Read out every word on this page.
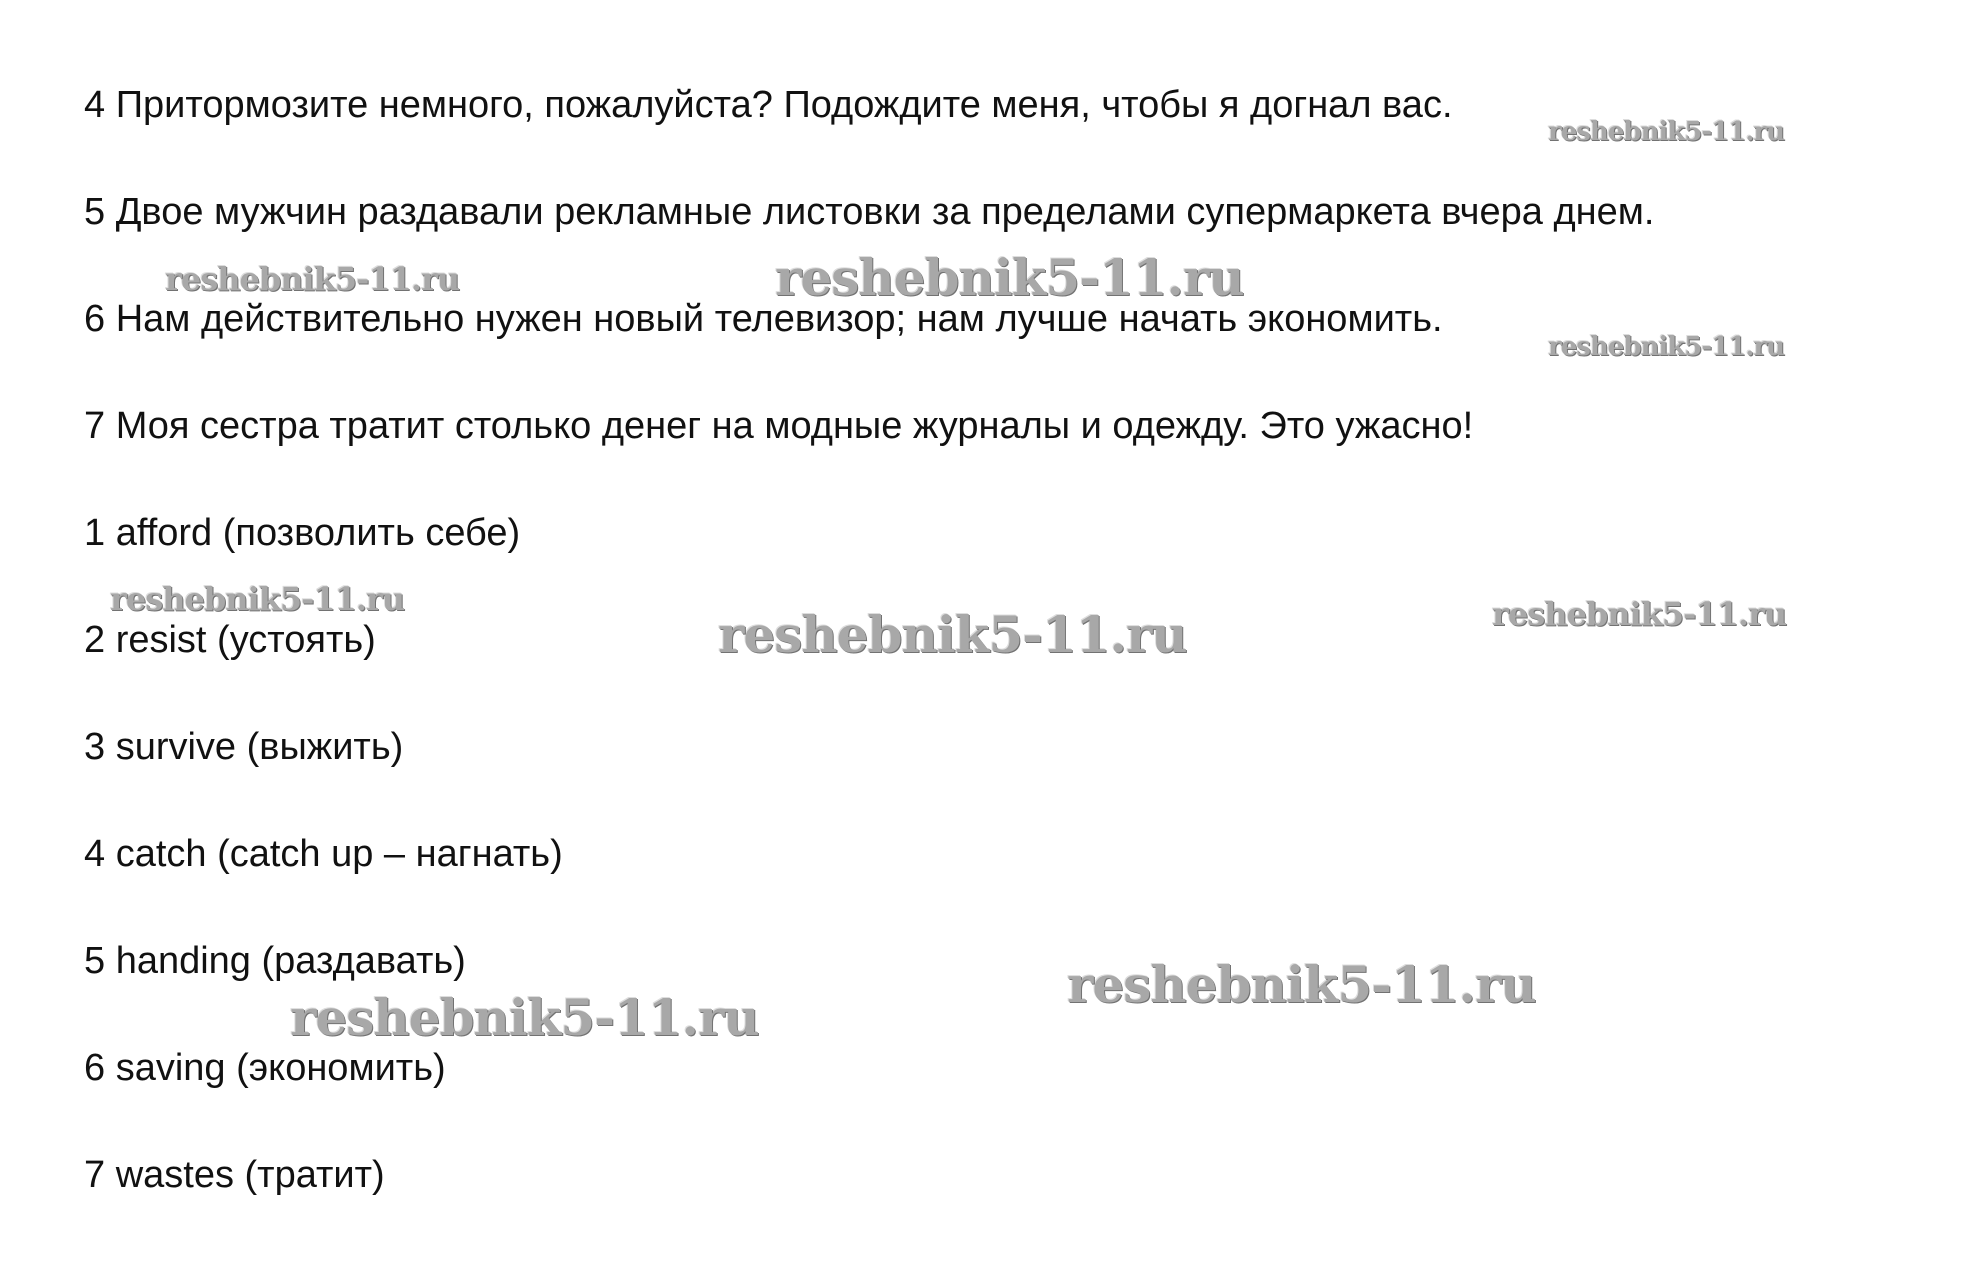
4 Притормозите немного, пожалуйста? Подождите меня, чтобы я догнал вас.
5 Двое мужчин раздавали рекламные листовки за пределами супермаркета вчера днем.
6 Нам действительно нужен новый телевизор; нам лучше начать экономить.
7 Моя сестра тратит столько денег на модные журналы и одежду. Это ужасно!
1 afford (позволить себе)
2 resist (устоять)
3 survive (выжить)
4 catch (catch up – нагнать)
5 handing (раздавать)
6 saving (экономить)
7 wastes (тратит)
reshebnik5-11.ru
reshebnik5-11.ru	reshebnik5-11.ru
reshebnik5-11.ru
reshebnik5-11.ru
reshebnik5-11.ru	reshebnik5-11.ru
reshebnik5-11.ru
reshebnik5-11.ru
